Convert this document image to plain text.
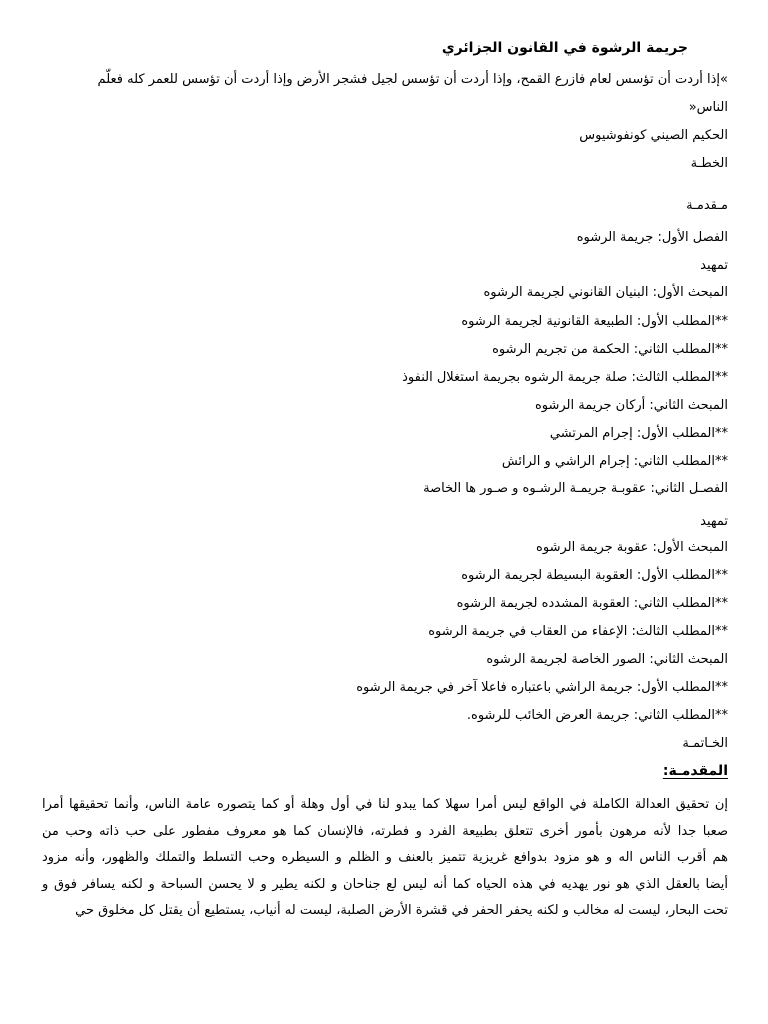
جريمة الرشوة في القانون الجزائري
»إذا أردت أن تؤسس لعام فازرع القمح، وإذا أردت أن تؤسس لجيل فشجر الأرض وإذا أردت أن تؤسس للعمر كله فعلّم
الناس«
الحكيم الصيني كونفوشيوس
الخطـة
مـقدمـة
الفصل الأول: جريمة الرشوه
تمهيد
المبحث الأول: البنيان القانوني لجريمة الرشوه
**المطلب الأول: الطبيعة القانونية لجريمة الرشوه
**المطلب الثاني: الحكمة من تجريم الرشوه
**المطلب الثالث: صلة جريمة الرشوه بجريمة استغلال النفوذ
المبحث الثاني: أركان جريمة الرشوه
**المطلب الأول: إجرام المرتشي
**المطلب الثاني: إجرام الراشي و الرائش
الفصـل الثاني: عقوبـة جريمـة الرشـوه و صـور ها الخاصة
تمهيد
المبحث الأول: عقوبة جريمة الرشوه
**المطلب الأول: العقوبة البسيطة لجريمة الرشوه
**المطلب الثاني: العقوبة المشدده لجريمة الرشوه
**المطلب الثالث: الإعفاء من العقاب في جريمة الرشوه
المبحث الثاني: الصور الخاصة لجريمة الرشوه
**المطلب الأول: جريمة الراشي باعتباره فاعلا آخر في جريمة الرشوه
**المطلب الثاني: جريمة العرض الخائب للرشوه.
الخـاتمـة
المقدمـة:
إن تحقيق العدالة الكاملة في الواقع ليس أمرا سهلا كما يبدو لنا في أول وهلة أو كما يتصوره عامة الناس، وأنما تحقيقها أمرا
صعبا جدا لأنه مرهون بأمور أخرى تتعلق بطبيعة الفرد و فطرته، فالإنسان كما هو معروف مفطور على حب ذاته وحب من
هم أقرب الناس اله و هو مزود بدوافع غريزية تتميز بالعنف و الظلم و السيطره وحب التسلط والتملك والظهور، وأنه مزود
أيضا بالعقل الذي هو نور يهديه في هذه الحياه كما أنه ليس لع جناحان و لكنه يطير و لا يحسن السباحة و لكنه يسافر فوق و
تحت البحار، ليست له مخالب و لكنه يحفر الحفر في قشرة الأرض الصلبة، ليست له أنياب، يستطيع أن يقتل كل مخلوق حي
